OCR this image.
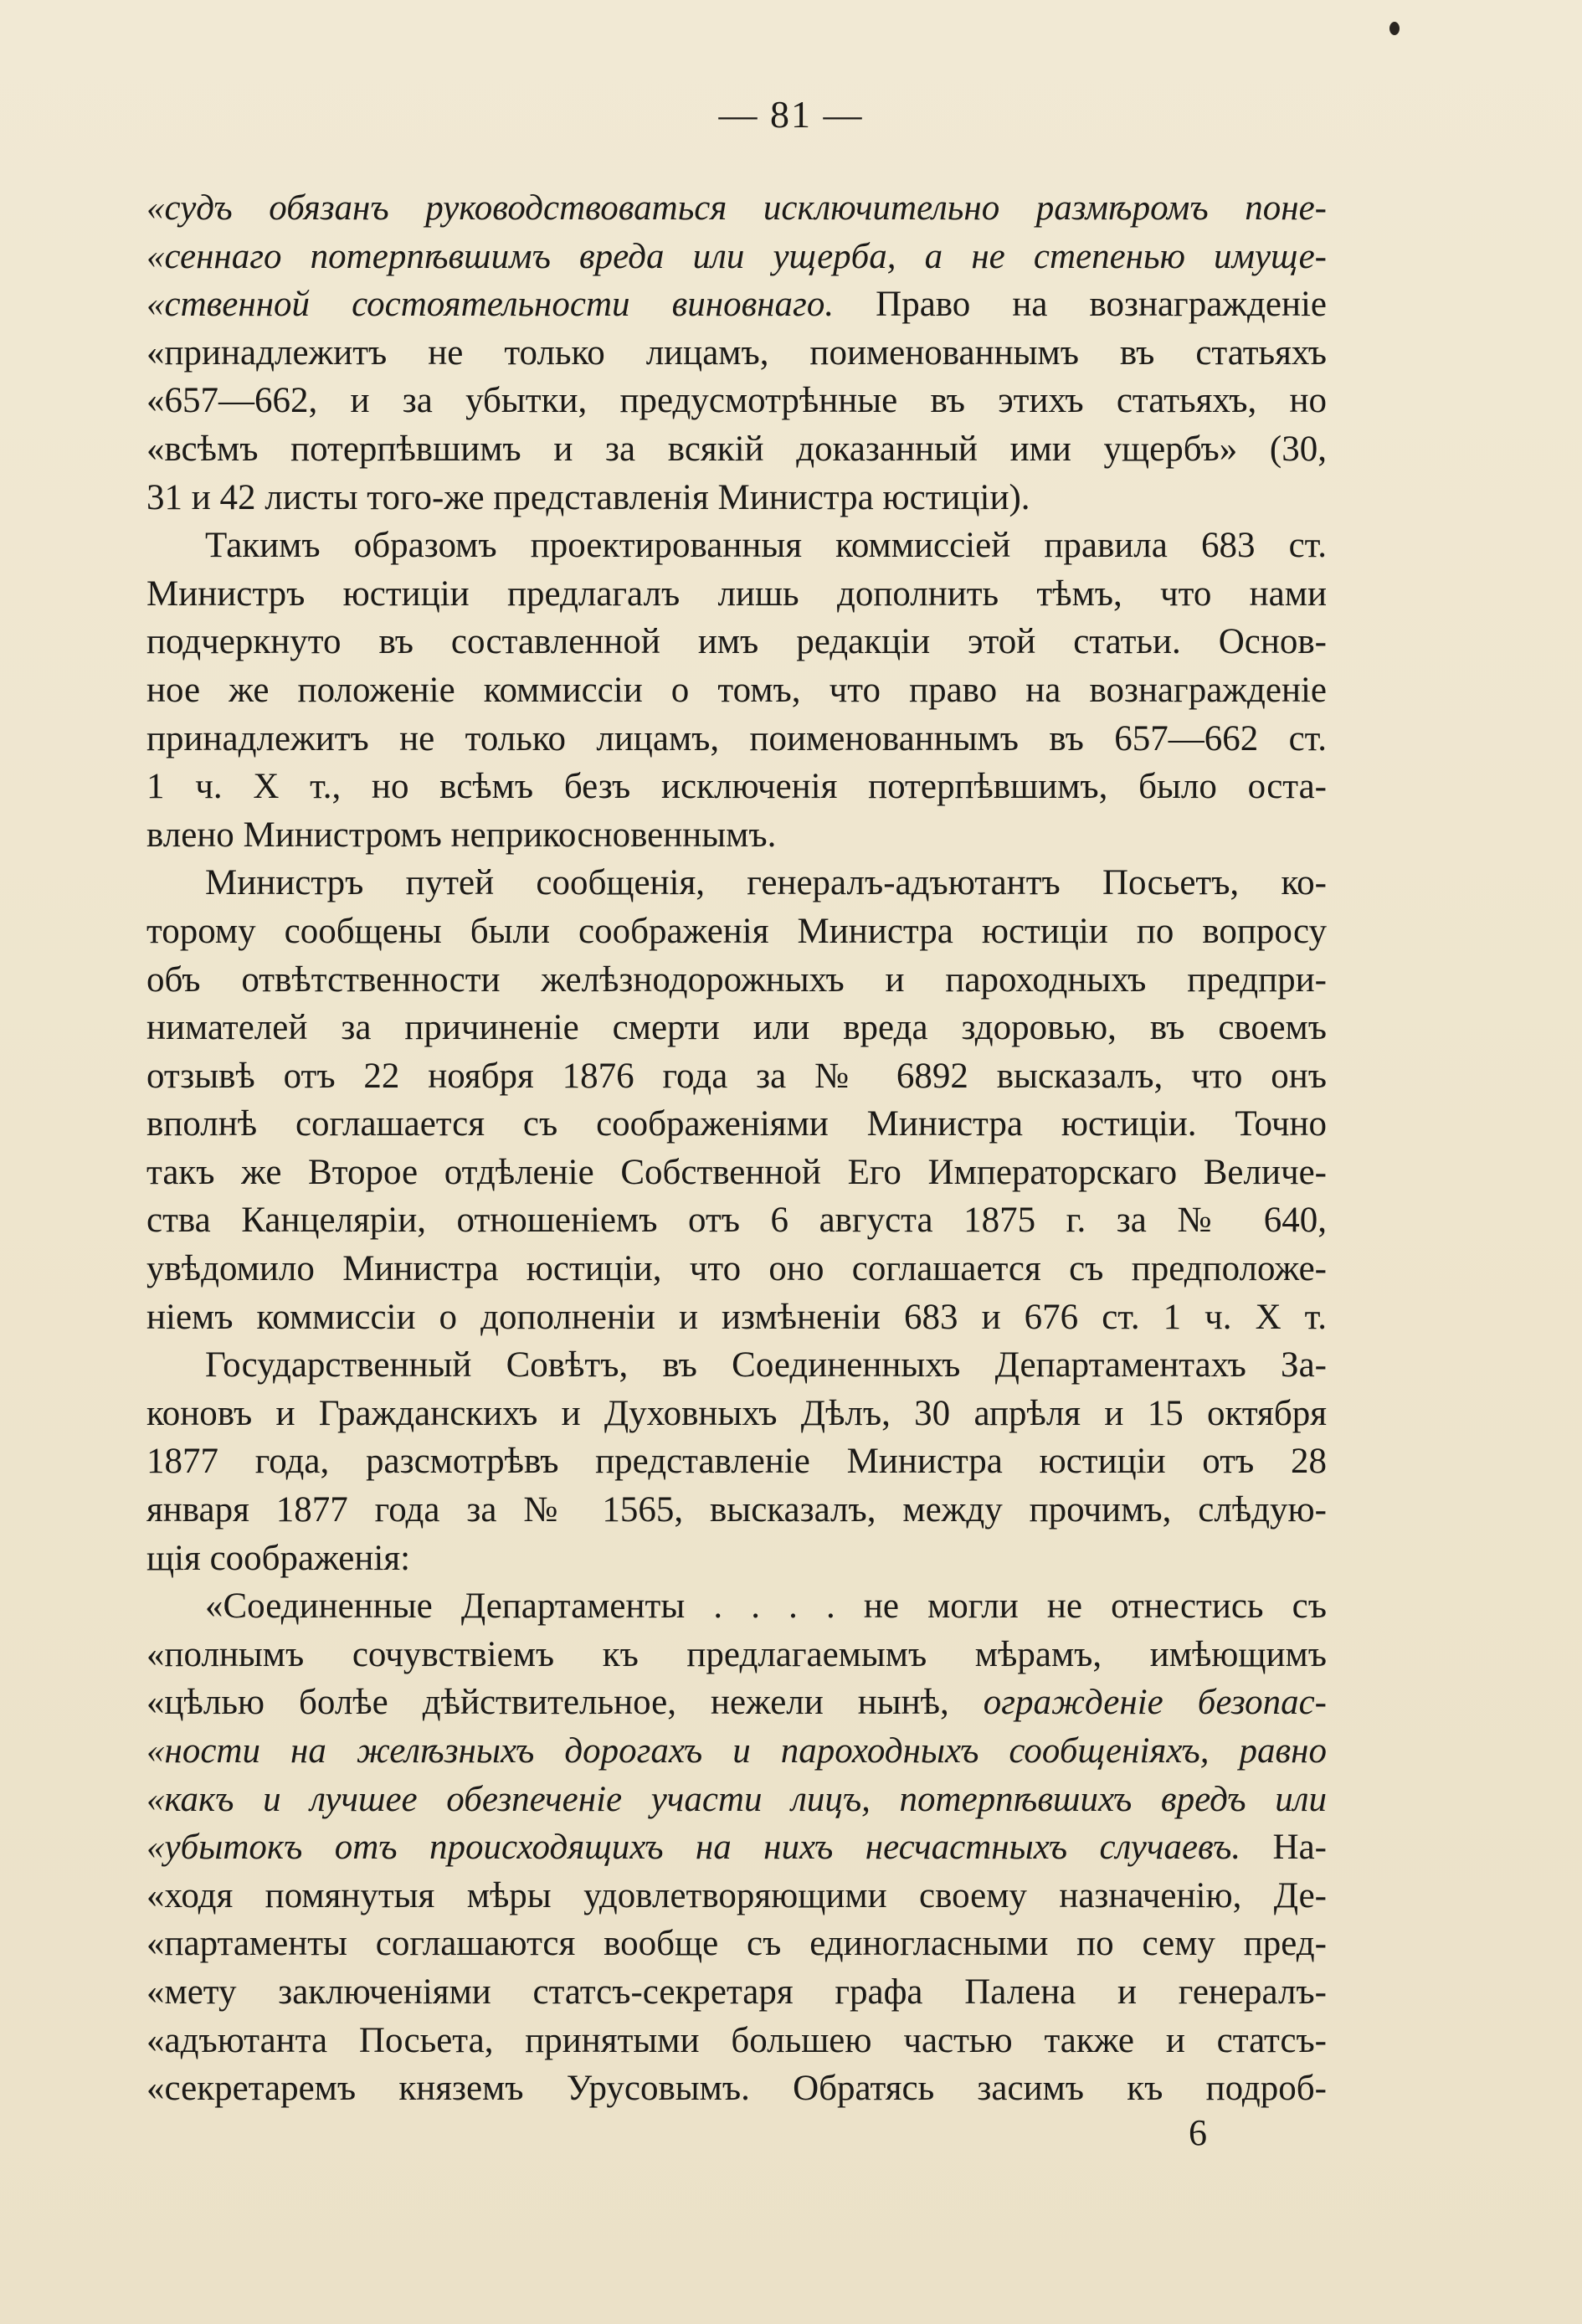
— 81 —
«судъ обязанъ руководствоваться исключительно размѣромъ поне-
«сеннаго потерпѣвшимъ вреда или ущерба, а не степенью имуще-
«ственной состоятельности виновнаго. Право на вознагражденіе
«принадлежитъ не только лицамъ, поименованнымъ въ статьяхъ
«657—662, и за убытки, предусмотрѣнные въ этихъ статьяхъ, но
«всѣмъ потерпѣвшимъ и за всякій доказанный ими ущербъ» (30,
31 и 42 листы того-же представленія Министра юстиціи).
Такимъ образомъ проектированныя коммиссіей правила 683 ст.
Министръ юстиціи предлагалъ лишь дополнить тѣмъ, что нами
подчеркнуто въ составленной имъ редакціи этой статьи. Основ-
ное же положеніе коммиссіи о томъ, что право на вознагражденіе
принадлежитъ не только лицамъ, поименованнымъ въ 657—662 ст.
1 ч. X т., но всѣмъ безъ исключенія потерпѣвшимъ, было оста-
влено Министромъ неприкосновеннымъ.
Министръ путей сообщенія, генералъ-адъютантъ Посьетъ, ко-
торому сообщены были соображенія Министра юстиціи по вопросу
объ отвѣтственности желѣзнодорожныхъ и пароходныхъ предпри-
нимателей за причиненіе смерти или вреда здоровью, въ своемъ
отзывѣ отъ 22 ноября 1876 года за № 6892 высказалъ, что онъ
вполнѣ соглашается съ соображеніями Министра юстиціи. Точно
такъ же Второе отдѣленіе Собственной Его Императорскаго Величе-
ства Канцеляріи, отношеніемъ отъ 6 августа 1875 г. за № 640,
увѣдомило Министра юстиціи, что оно соглашается съ предположе-
ніемъ коммиссіи о дополненіи и измѣненіи 683 и 676 ст. 1 ч. X т.
Государственный Совѣтъ, въ Соединенныхъ Департаментахъ За-
коновъ и Гражданскихъ и Духовныхъ Дѣлъ, 30 апрѣля и 15 октября
1877 года, разсмотрѣвъ представленіе Министра юстиціи отъ 28
января 1877 года за № 1565, высказалъ, между прочимъ, слѣдую-
щія соображенія:
«Соединенные Департаменты . . . . не могли не отнестись съ
«полнымъ сочувствіемъ къ предлагаемымъ мѣрамъ, имѣющимъ
«цѣлью болѣе дѣйствительное, нежели нынѣ, огражденіе безопас-
«ности на желѣзныхъ дорогахъ и пароходныхъ сообщеніяхъ, равно
«какъ и лучшее обезпеченіе участи лицъ, потерпѣвшихъ вредъ или
«убытокъ отъ происходящихъ на нихъ несчастныхъ случаевъ. На-
«ходя помянутыя мѣры удовлетворяющими своему назначенію, Де-
«партаменты соглашаются вообще съ единогласными по сему пред-
«мету заключеніями статсъ-секретаря графа Палена и генералъ-
«адъютанта Посьета, принятыми большею частью также и статсъ-
«секретаремъ княземъ Урусовымъ. Обратясь засимъ къ подроб-
6
